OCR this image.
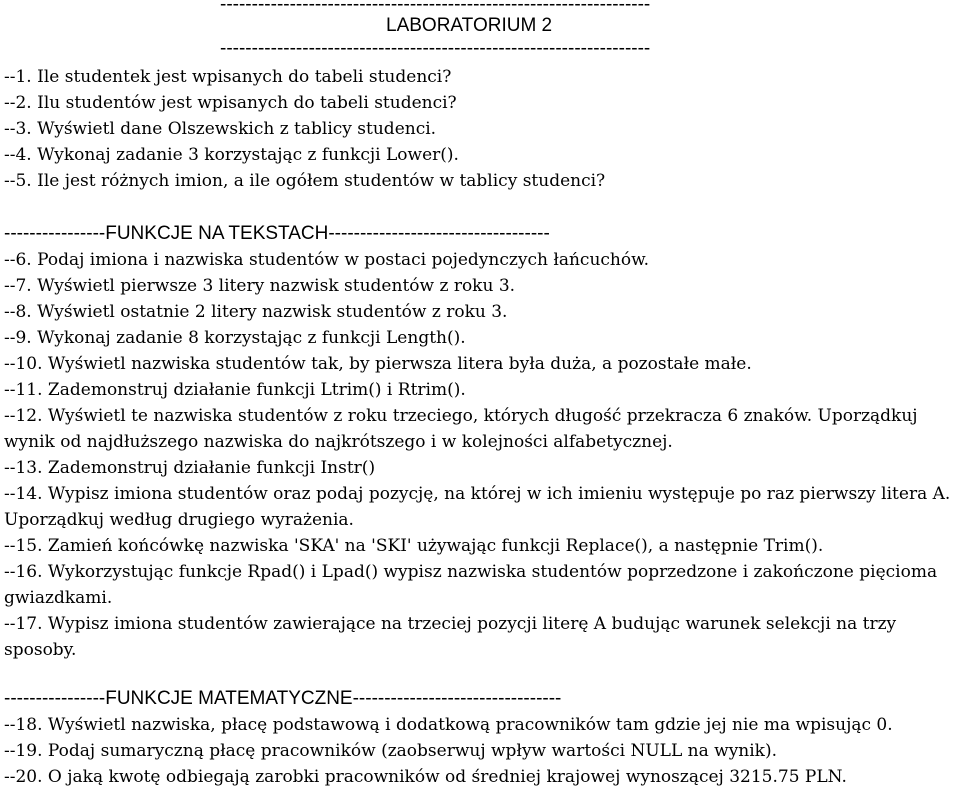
--------------------------------------------------------------------
LABORATORIUM 2
--------------------------------------------------------------------
--1. Ile studentek jest wpisanych do tabeli studenci?
--2. Ilu studentów jest wpisanych do tabeli studenci?
--3. Wyświetl dane Olszewskich z tablicy studenci.
--4. Wykonaj zadanie 3 korzystając z funkcji Lower().
--5. Ile jest różnych imion, a ile ogółem studentów w tablicy studenci?
----------------FUNKCJE NA TEKSTACH-----------------------------------
--6. Podaj imiona i nazwiska studentów w postaci pojedynczych łańcuchów.
--7. Wyświetl pierwsze 3 litery nazwisk studentów z roku 3.
--8. Wyświetl ostatnie 2 litery nazwisk studentów z roku 3.
--9. Wykonaj zadanie 8 korzystając z funkcji Length().
--10. Wyświetl nazwiska studentów tak, by pierwsza litera była duża, a pozostałe małe.
--11. Zademonstruj działanie funkcji Ltrim() i Rtrim().
--12. Wyświetl te nazwiska studentów z roku trzeciego, których długość przekracza 6 znaków. Uporządkuj wynik od najdłuższego nazwiska do najkrótszego i w kolejności alfabetycznej.
--13. Zademonstruj działanie funkcji Instr()
--14. Wypisz imiona studentów oraz podaj pozycję, na której w ich imieniu występuje po raz pierwszy litera A. Uporządkuj według drugiego wyrażenia.
--15. Zamień końcówkę nazwiska 'SKA' na 'SKI' używając funkcji Replace(), a następnie Trim().
--16. Wykorzystując funkcje Rpad() i Lpad() wypisz nazwiska studentów poprzedzone i zakończone pięcioma gwiazdkami.
--17. Wypisz imiona studentów zawierające na trzeciej pozycji literę A budując warunek selekcji na trzy sposoby.
----------------FUNKCJE MATEMATYCZNE---------------------------------
--18. Wyświetl nazwiska, płacę podstawową i dodatkową pracowników tam gdzie jej nie ma wpisując 0.
--19. Podaj sumaryczną płacę pracowników (zaobserwuj wpływ wartości NULL na wynik).
--20. O jaką kwotę odbiegają zarobki pracowników od średniej krajowej wynoszącej 3215.75 PLN.
